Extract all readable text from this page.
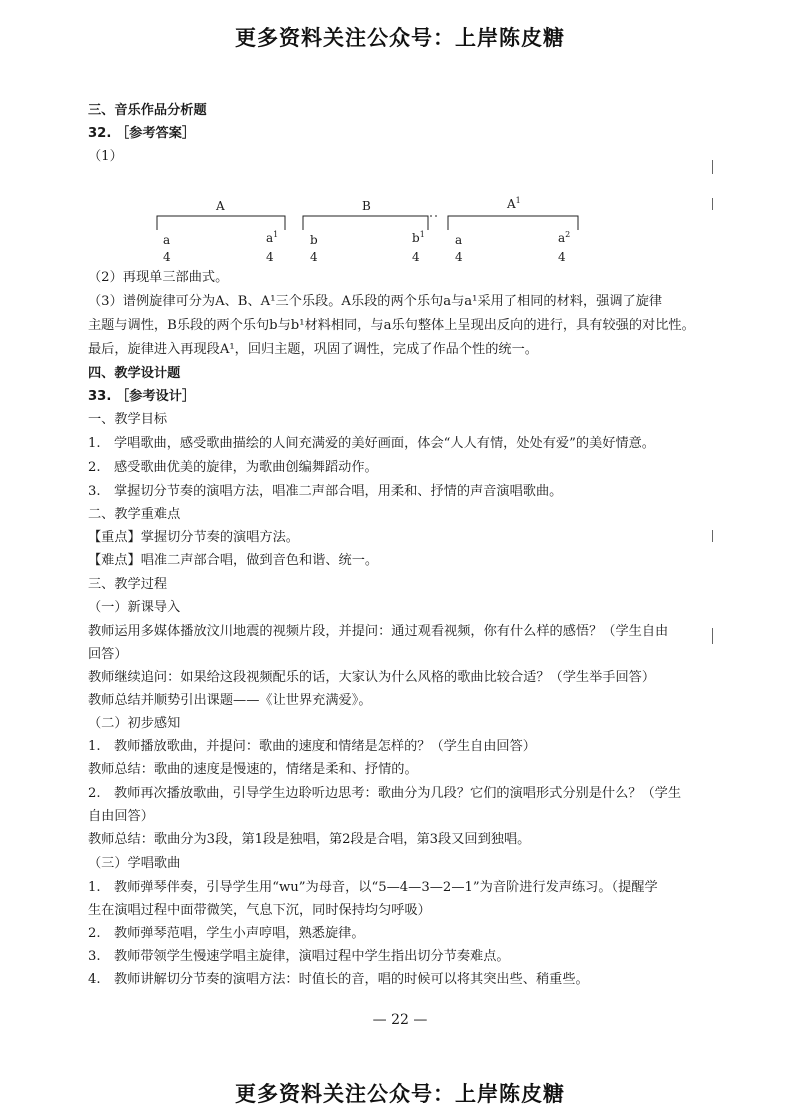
更多资料关注公众号：上岸陈皮糖
三、音乐作品分析题
32. ［参考答案］
（1）
A	B	$A^1$
a	$a^1$	b	$b^1$	a	$a^2$
4	4	4	4	4	4
（2）再现单三部曲式。
（3）谱例旋律可分为A、B、A¹三个乐段。A乐段的两个乐句a与a¹采用了相同的材料，强调了旋律
主题与调性，B乐段的两个乐句b与b¹材料相同，与a乐句整体上呈现出反向的进行，具有较强的对比性。
最后，旋律进入再现段A¹，回归主题，巩固了调性，完成了作品个性的统一。
四、教学设计题
33. ［参考设计］
一、教学目标
1. 学唱歌曲，感受歌曲描绘的人间充满爱的美好画面，体会“人人有情，处处有爱”的美好情意。
2. 感受歌曲优美的旋律，为歌曲创编舞蹈动作。
3. 掌握切分节奏的演唱方法，唱准二声部合唱，用柔和、抒情的声音演唱歌曲。
二、教学重难点
【重点】掌握切分节奏的演唱方法。
【难点】唱准二声部合唱，做到音色和谐、统一。
三、教学过程
（一）新课导入
教师运用多媒体播放汶川地震的视频片段，并提问：通过观看视频，你有什么样的感悟？（学生自由
回答）
教师继续追问：如果给这段视频配乐的话，大家认为什么风格的歌曲比较合适？（学生举手回答）
教师总结并顺势引出课题——《让世界充满爱》。
（二）初步感知
1. 教师播放歌曲，并提问：歌曲的速度和情绪是怎样的？（学生自由回答）
教师总结：歌曲的速度是慢速的，情绪是柔和、抒情的。
2. 教师再次播放歌曲，引导学生边聆听边思考：歌曲分为几段？它们的演唱形式分别是什么？（学生
自由回答）
教师总结：歌曲分为3段，第1段是独唱，第2段是合唱，第3段又回到独唱。
（三）学唱歌曲
1. 教师弹琴伴奏，引导学生用“wu”为母音，以“5—4—3—2—1”为音阶进行发声练习。（提醒学
生在演唱过程中面带微笑，气息下沉，同时保持均匀呼吸）
2. 教师弹琴范唱，学生小声哼唱，熟悉旋律。
3. 教师带领学生慢速学唱主旋律，演唱过程中学生指出切分节奏难点。
4. 教师讲解切分节奏的演唱方法：时值长的音，唱的时候可以将其突出些、稍重些。
— 22 —
更多资料关注公众号：上岸陈皮糖
